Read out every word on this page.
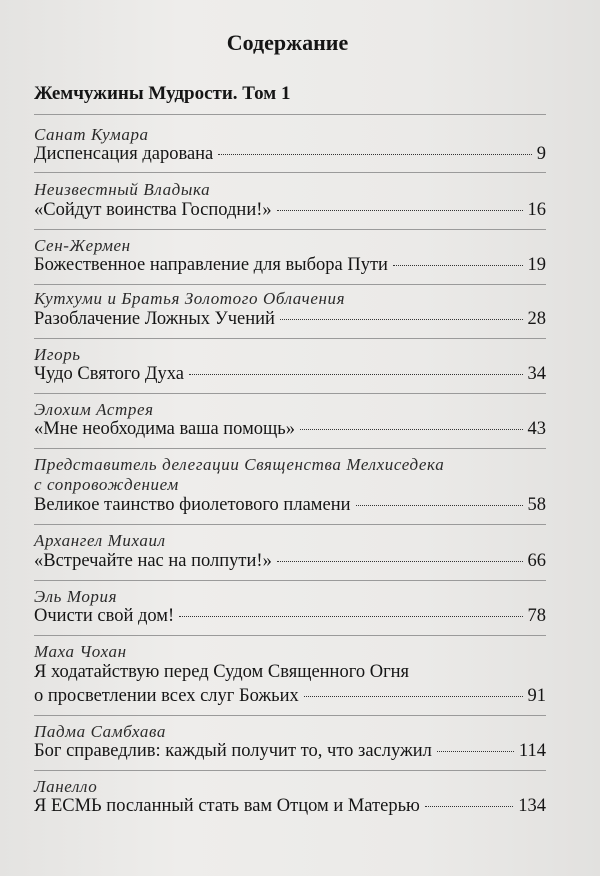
Содержание
Жемчужины Мудрости. Том 1
Санат Кумара
Диспенсация дарована	9
Неизвестный Владыка
«Сойдут воинства Господни!»	16
Сен-Жермен
Божественное направление для выбора Пути	19
Кутхуми и Братья Золотого Облачения
Разоблачение Ложных Учений	28
Игорь
Чудо Святого Духа	34
Элохим Астрея
«Мне необходима ваша помощь»	43
Представитель делегации Священства Мелхиседека
с сопровождением
Великое таинство фиолетового пламени	58
Архангел Михаил
«Встречайте нас на полпути!»	66
Эль Мория
Очисти свой дом!	78
Маха Чохан
Я ходатайствую перед Судом Священного Огня
о просветлении всех слуг Божьих	91
Падма Самбхава
Бог справедлив: каждый получит то, что заслужил	114
Ланелло
Я ЕСМЬ посланный стать вам Отцом и Матерью	134
